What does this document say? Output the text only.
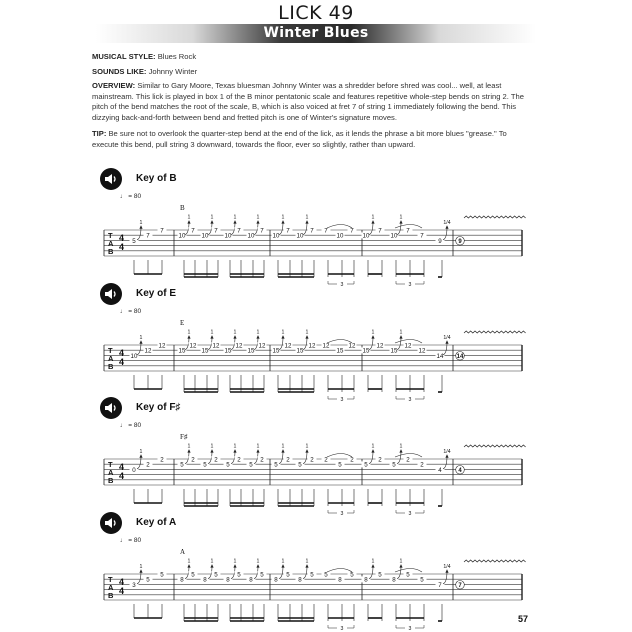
LICK 49
Winter Blues
MUSICAL STYLE: Blues Rock
SOUNDS LIKE: Johnny Winter
OVERVIEW: Similar to Gary Moore, Texas bluesman Johnny Winter was a shredder before shred was cool... well, at least mainstream. This lick is played in box 1 of the B minor pentatonic scale and features repetitive whole-step bends on string 2. The pitch of the bend matches the root of the scale, B, which is also voiced at fret 7 of string 1 immediately following the bend. This dizzying back-and-forth between bend and fretted pitch is one of Winter's signature moves.
TIP: Be sure not to overlook the quarter-step bend at the end of the lick, as it lends the phrase a bit more blues "grease." To execute this bend, pull string 3 downward, towards the floor, ever so slightly, rather than upward.
Key of B
♩ = 80
T
A
B
4
4
B
5
7
7
1
10
1
7
10
1
7
10
1
7
10
1
7
10
1
7
10
1
7 7
10
7
3
10
1
7
10
1
7
7
9
3
1/4
9
Key of E
♩ = 80
T
A
B
4
4
E
10
12
12
1
15
1
12
15
1
12
15
1
12
15
1
12
15
1
12
15
1
12 12
15
12
3
15
1
12
15
1
12
12
14
3
1/4
14
Key of F♯
♩ = 80
T
A
B
4
4
F♯
0
2
2
1
5
1
2
5
1
2
5
1
2
5
1
2
5
1
2
5
1
2 2
5
2
3
5
1
2
5
1
2
2
4
3
1/4
4
Key of A
♩ = 80
T
A
B
4
4
A
3
5
5
1
8
1
5
8
1
5
8
1
5
8
1
5
8
1
5
8
1
5 5
8
5
3
8
1
5
8
1
5
5
7
3
1/4
7
57
